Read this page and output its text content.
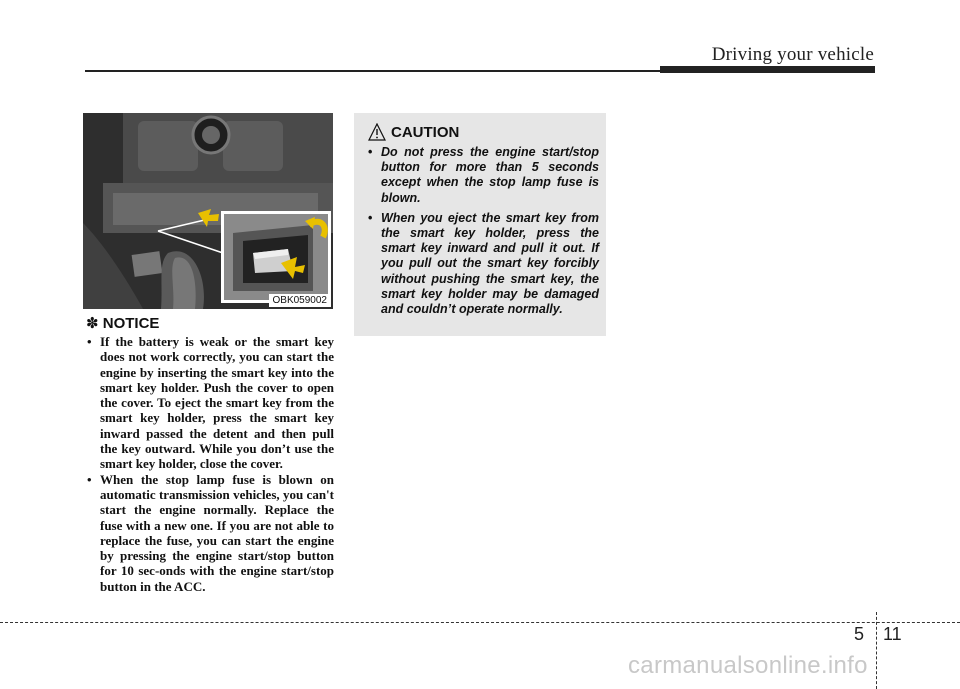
Driving your vehicle
OBK059002
✽ NOTICE
• If the battery is weak or the smart key does not work correctly, you can start the engine by inserting the smart key into the smart key holder. Push the cover to open the cover. To eject the smart key from the smart key holder, press the smart key inward passed the detent and then pull the key outward. While you don’t use the smart key holder, close the cover.
• When the stop lamp fuse is blown on automatic transmission vehicles, you can't start the engine normally. Replace the fuse with a new one. If you are not able to replace the fuse, you can start the engine by pressing the engine start/stop button for 10 sec-onds with the engine start/stop button in the ACC.
CAUTION
• Do not press the engine start/stop button for more than 5 seconds except when the stop lamp fuse is blown.
• When you eject the smart key from the smart key holder, press the smart key inward and pull it out. If you pull out the smart key forcibly without pushing the smart key, the smart key holder may be damaged and couldn’t operate normally.
5 11
carmanualsonline.info
